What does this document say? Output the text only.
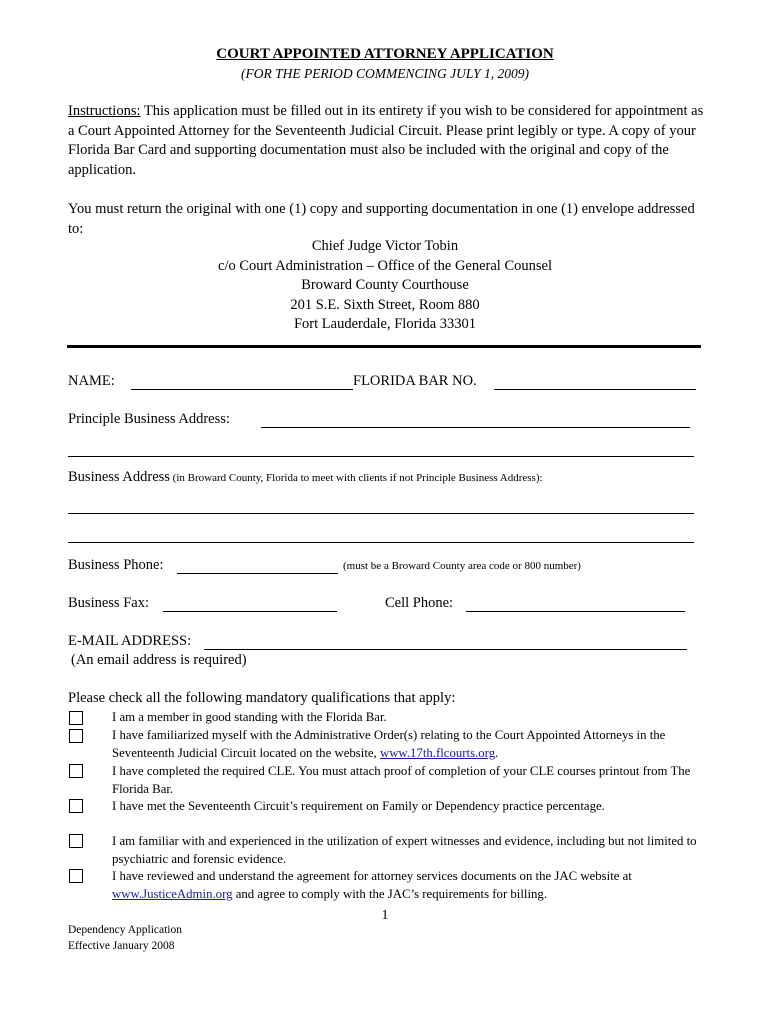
COURT APPOINTED ATTORNEY APPLICATION
(FOR THE PERIOD COMMENCING JULY 1, 2009)
Instructions: This application must be filled out in its entirety if you wish to be considered for appointment as a Court Appointed Attorney for the Seventeenth Judicial Circuit. Please print legibly or type. A copy of your Florida Bar Card and supporting documentation must also be included with the original and copy of the application.
You must return the original with one (1) copy and supporting documentation in one (1) envelope addressed to:
Chief Judge Victor Tobin
c/o Court Administration – Office of the General Counsel
Broward County Courthouse
201 S.E. Sixth Street, Room 880
Fort Lauderdale, Florida 33301
NAME:	FLORIDA BAR NO.
Principle Business Address:
Business Address (in Broward County, Florida to meet with clients if not Principle Business Address):
Business Phone:	(must be a Broward County area code or 800 number)
Business Fax:	Cell Phone:
E-MAIL ADDRESS:
(An email address is required)
Please check all the following mandatory qualifications that apply:
I am a member in good standing with the Florida Bar.
I have familiarized myself with the Administrative Order(s) relating to the Court Appointed Attorneys in the Seventeenth Judicial Circuit located on the website, www.17th.flcourts.org.
I have completed the required CLE. You must attach proof of completion of your CLE courses printout from The Florida Bar.
I have met the Seventeenth Circuit’s requirement on Family or Dependency practice percentage.
I am familiar with and experienced in the utilization of expert witnesses and evidence, including but not limited to psychiatric and forensic evidence.
I have reviewed and understand the agreement for attorney services documents on the JAC website at www.JusticeAdmin.org and agree to comply with the JAC’s requirements for billing.
1
Dependency Application
Effective January 2008
